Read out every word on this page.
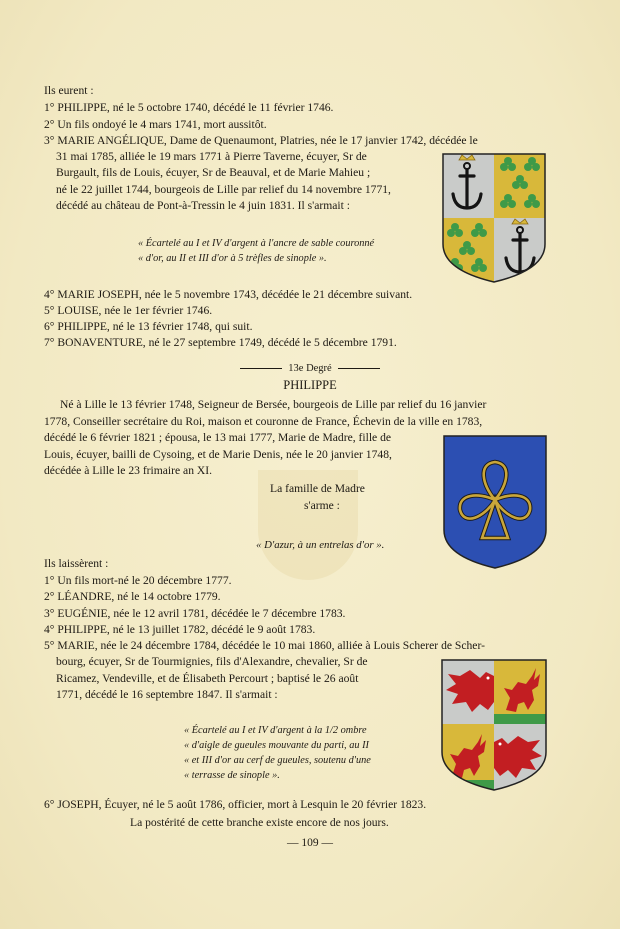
Ils eurent :
1° PHILIPPE, né le 5 octobre 1740, décédé le 11 février 1746.
2° Un fils ondoyé le 4 mars 1741, mort aussitôt.
3° MARIE ANGÉLIQUE, Dame de Quenaumont, Platries, née le 17 janvier 1742, décédée le
31 mai 1785, alliée le 19 mars 1771 à Pierre Taverne, écuyer, Sr de
Burgault, fils de Louis, écuyer, Sr de Beauval, et de Marie Mahieu ;
né le 22 juillet 1744, bourgeois de Lille par relief du 14 novembre 1771,
décédé au château de Pont-à-Tressin le 4 juin 1831. Il s'armait :
« Écartelé au I et IV d'argent à l'ancre de sable couronné
« d'or, au II et III d'or à 5 trèfles de sinople ».
4° MARIE JOSEPH, née le 5 novembre 1743, décédée le 21 décembre suivant.
5° LOUISE, née le 1er février 1746.
6° PHILIPPE, né le 13 février 1748, qui suit.
7° BONAVENTURE, né le 27 septembre 1749, décédé le 5 décembre 1791.
13e Degré
PHILIPPE
Né à Lille le 13 février 1748, Seigneur de Bersée, bourgeois de Lille par relief du 16 janvier
1778, Conseiller secrétaire du Roi, maison et couronne de France, Échevin de la ville en 1783,
décédé le 6 février 1821 ; épousa, le 13 mai 1777, Marie de Madre, fille de
Louis, écuyer, bailli de Cysoing, et de Marie Denis, née le 20 janvier 1748,
décédée à Lille le 23 frimaire an XI.
La famille de Madre
s'arme :
« D'azur, à un entrelas d'or ».
Ils laissèrent :
1° Un fils mort-né le 20 décembre 1777.
2° LÉANDRE, né le 14 octobre 1779.
3° EUGÉNIE, née le 12 avril 1781, décédée le 7 décembre 1783.
4° PHILIPPE, né le 13 juillet 1782, décédé le 9 août 1783.
5° MARIE, née le 24 décembre 1784, décédée le 10 mai 1860, alliée à Louis Scherer de Scher-
bourg, écuyer, Sr de Tourmignies, fils d'Alexandre, chevalier, Sr de
Ricamez, Vendeville, et de Élisabeth Percourt ; baptisé le 26 août
1771, décédé le 16 septembre 1847. Il s'armait :
« Écartelé au I et IV d'argent à la 1/2 ombre
« d'aigle de gueules mouvante du parti, au II
« et III d'or au cerf de gueules, soutenu d'une
« terrasse de sinople ».
6° JOSEPH, Écuyer, né le 5 août 1786, officier, mort à Lesquin le 20 février 1823.
La postérité de cette branche existe encore de nos jours.
— 109 —
